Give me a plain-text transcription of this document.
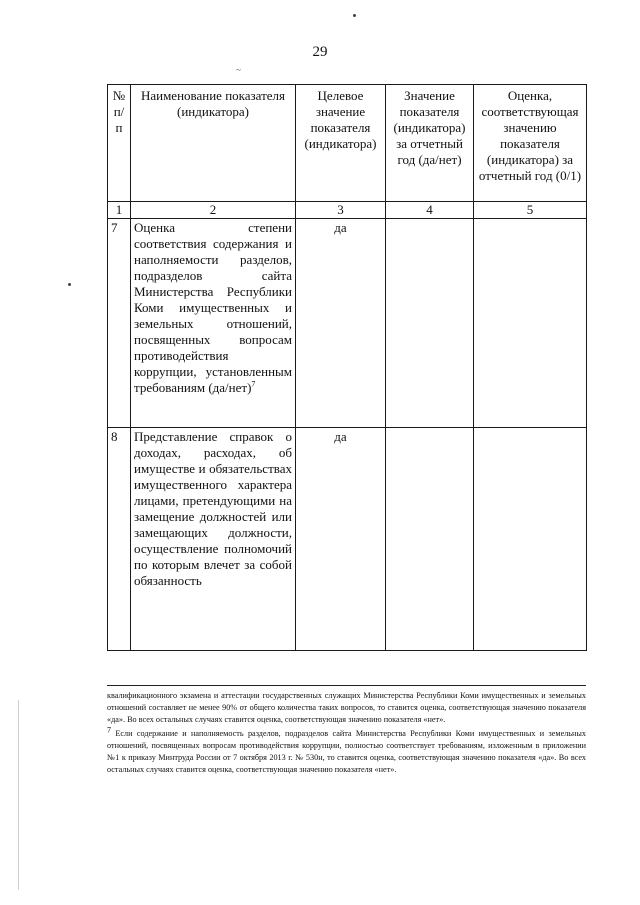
~
29
№ п/п	Наименование показателя (индикатора)	Целевое значение показателя (индикатора)	Значение показателя (индикатора) за отчетный год (да/нет)	Оценка, соответствующая значению показателя (индикатора) за отчетный год (0/1)
1	2	3	4	5
7	Оценка степени соответствия содержания и наполняемости разделов, подразделов сайта Министерства Республики Коми имущественных и земельных отношений, посвященных вопросам противодействия коррупции, установленным требованиям $(да/нет)^7$	да		
8	Представление справок о доходах, расходах, об имуществе и обязательствах имущественного характера лицами, претендующими на замещение должностей или замещающих должности, осуществление полномочий по которым влечет за собой обязанность	да		

квалификационного экзамена и аттестации государственных служащих Министерства Республики Коми имущественных и земельных отношений составляет не менее 90% от общего количества таких вопросов, то ставится оценка, соответствующая значению показателя «да». Во всех остальных случаях ставится оценка, соответствующая значению показателя «нет».

$^7$ Если содержание и наполняемость разделов, подразделов сайта Министерства Республики Коми имущественных и земельных отношений, посвященных вопросам противодействия коррупции, полностью соответствует требованиям, изложенным в приложении №1 к приказу Минтруда России от 7 октября 2013 г. № 530н, то ставится оценка, соответствующая значению показателя «да». Во всех остальных случаях ставится оценка, соответствующая значению показателя «нет».
